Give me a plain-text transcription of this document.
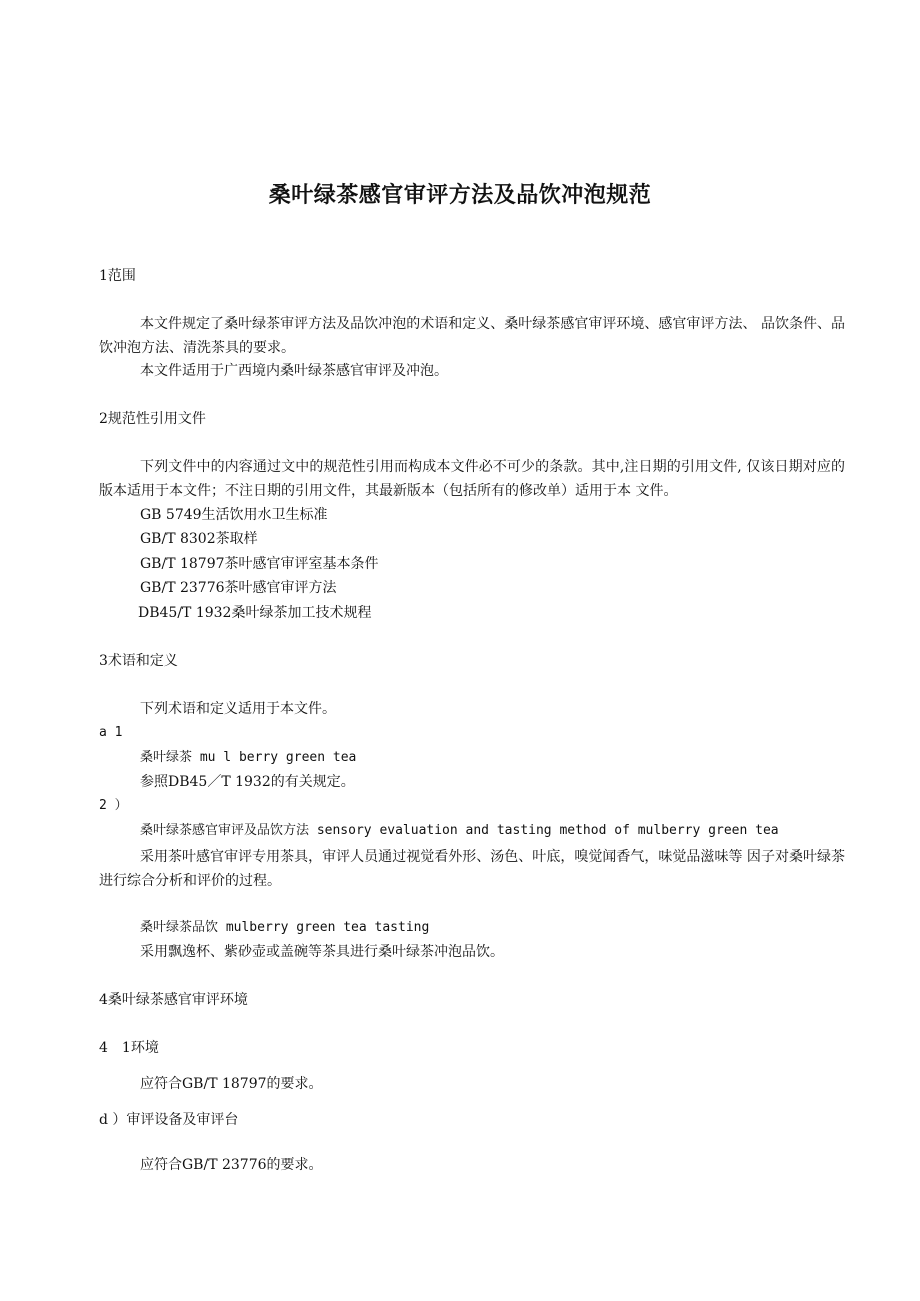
桑叶绿茶感官审评方法及品饮冲泡规范
1范围
本文件规定了桑叶绿茶审评方法及品饮冲泡的术语和定义、桑叶绿茶感官审评环境、感官审评方法、 品饮条件、品饮冲泡方法、清洗茶具的要求。
本文件适用于广西境内桑叶绿茶感官审评及冲泡。
2规范性引用文件
下列文件中的内容通过文中的规范性引用而构成本文件必不可少的条款。其中,注日期的引用文件, 仅该日期对应的版本适用于本文件；不注日期的引用文件，其最新版本（包括所有的修改单）适用于本 文件。
GB 5749生活饮用水卫生标准
GB/T 8302茶取样
GB/T 18797茶叶感官审评室基本条件
GB/T 23776茶叶感官审评方法
DB45/T 1932桑叶绿茶加工技术规程
3术语和定义
下列术语和定义适用于本文件。
a 1
桑叶绿茶 mu l berry green tea
参照DB45／T 1932的有关规定。
2 ）
桑叶绿茶感官审评及品饮方法 sensory evaluation and tasting method of mulberry green tea
采用茶叶感官审评专用茶具，审评人员通过视觉看外形、汤色、叶底，嗅觉闻香气，味觉品滋味等 因子对桑叶绿茶进行综合分析和评价的过程。
桑叶绿茶品饮 mulberry green tea tasting
采用飘逸杯、紫砂壶或盖碗等茶具进行桑叶绿茶冲泡品饮。
4桑叶绿茶感官审评环境
4　1环境
应符合GB/T 18797的要求。
d ）审评设备及审评台
应符合GB/T 23776的要求。
